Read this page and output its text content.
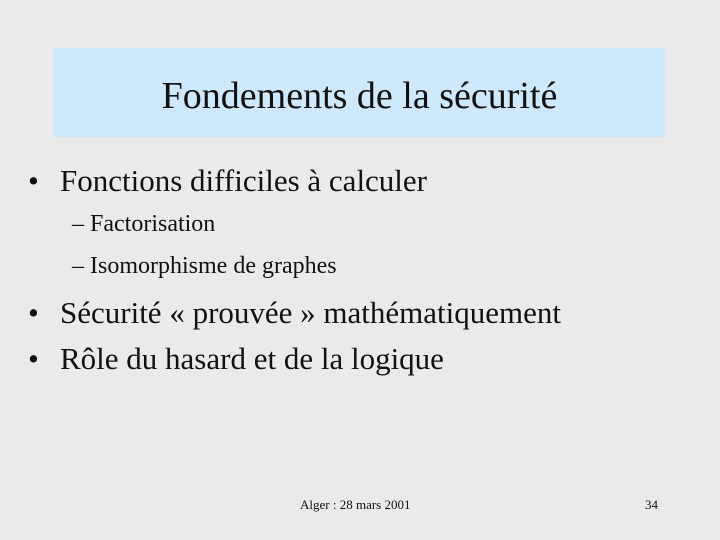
Fondements de la sécurité
• Fonctions difficiles à calculer
– Factorisation
– Isomorphisme de graphes
• Sécurité « prouvée » mathématiquement
• Rôle du hasard et de la logique
Alger : 28 mars 2001	34
